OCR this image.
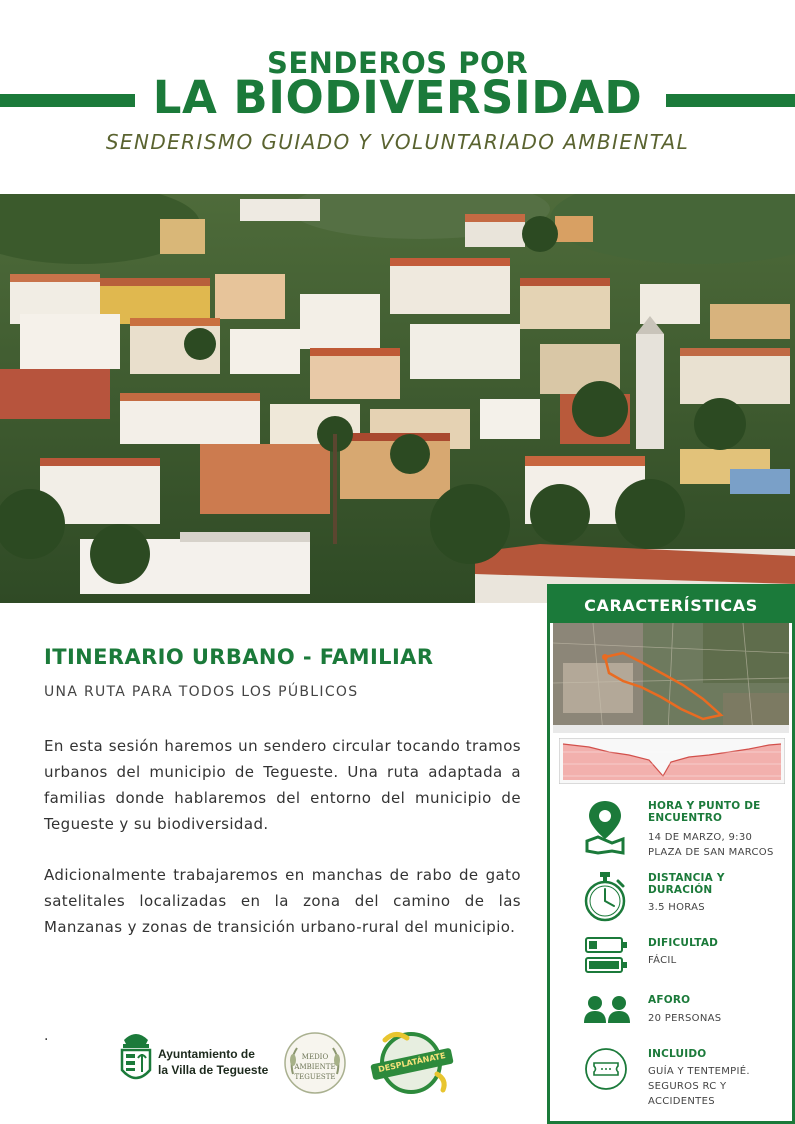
SENDEROS POR
LA BIODIVERSIDAD
SENDERISMO GUIADO Y VOLUNTARIADO AMBIENTAL
ITINERARIO URBANO - FAMILIAR
UNA RUTA PARA TODOS LOS PÚBLICOS
En esta sesión haremos un sendero circular tocando tramos urbanos del municipio de Tegueste. Una ruta adaptada a familias donde hablaremos del entorno del municipio de Tegueste y su biodiversidad.
Adicionalmente trabajaremos en manchas de rabo de gato satelitales localizadas en la zona del camino de las Manzanas y zonas de transición urbano-rural del municipio.
.
Ayuntamiento de
la Villa de Tegueste
MEDIO AMBIENTE TEGUESTE
DESPLATÁNATE
CARACTERÍSTICAS
HORA Y PUNTO DE ENCUENTRO
14 DE MARZO, 9:30
PLAZA DE SAN MARCOS
DISTANCIA Y DURACIÓN
3.5 HORAS
DIFICULTAD
FÁCIL
AFORO
20 PERSONAS
INCLUIDO
GUÍA Y TENTEMPIÉ.
SEGUROS RC Y
ACCIDENTES
